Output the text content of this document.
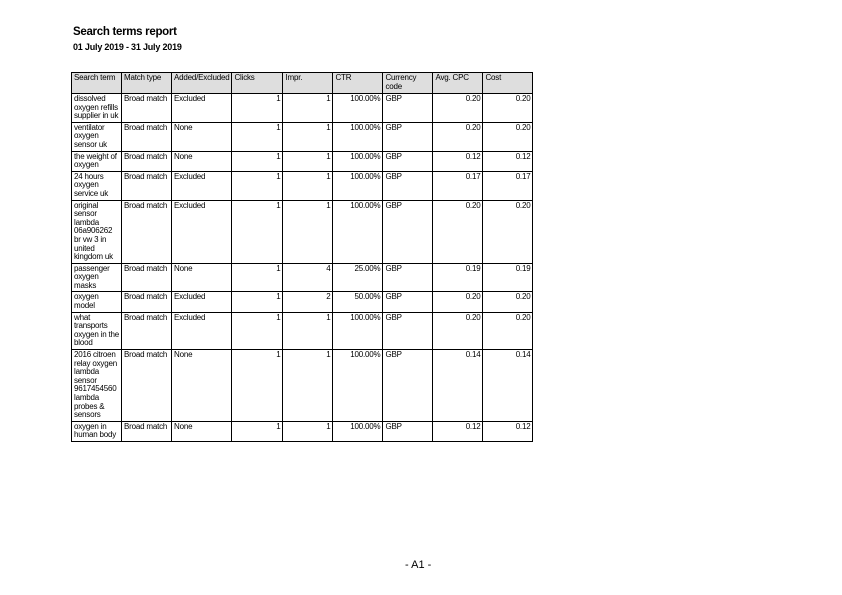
Search terms report
01 July 2019 - 31 July 2019
Search term	Match type	Added/Excluded	Clicks	Impr.	CTR	Currency code	Avg. CPC	Cost
dissolved oxygen refills supplier in uk	Broad match	Excluded	1	1	100.00%	GBP	0.20	0.20
ventilator oxygen sensor uk	Broad match	None	1	1	100.00%	GBP	0.20	0.20
the weight of oxygen	Broad match	None	1	1	100.00%	GBP	0.12	0.12
24 hours oxygen service uk	Broad match	Excluded	1	1	100.00%	GBP	0.17	0.17
original sensor lambda 06a906262 br vw 3 in united kingdom uk	Broad match	Excluded	1	1	100.00%	GBP	0.20	0.20
passenger oxygen masks	Broad match	None	1	4	25.00%	GBP	0.19	0.19
oxygen model	Broad match	Excluded	1	2	50.00%	GBP	0.20	0.20
what transports oxygen in the blood	Broad match	Excluded	1	1	100.00%	GBP	0.20	0.20
2016 citroen relay oxygen lambda sensor 9617454560 lambda probes & sensors	Broad match	None	1	1	100.00%	GBP	0.14	0.14
oxygen in human body	Broad match	None	1	1	100.00%	GBP	0.12	0.12
- A1 -
